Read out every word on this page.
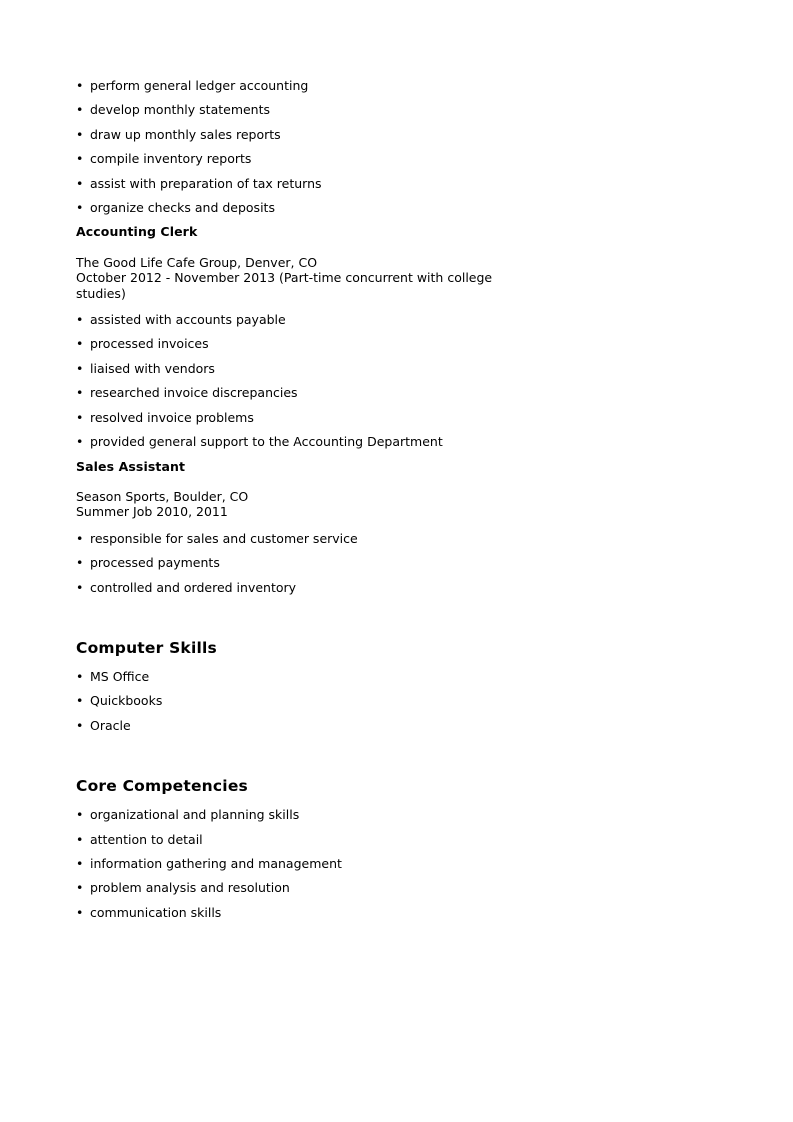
• perform general ledger accounting
• develop monthly statements
• draw up monthly sales reports
• compile inventory reports
• assist with preparation of tax returns
• organize checks and deposits
Accounting Clerk
The Good Life Cafe Group, Denver, CO
October 2012 - November 2013 (Part-time concurrent with college studies)
• assisted with accounts payable
• processed invoices
• liaised with vendors
• researched invoice discrepancies
• resolved invoice problems
• provided general support to the Accounting Department
Sales Assistant
Season Sports, Boulder, CO
Summer Job 2010, 2011
• responsible for sales and customer service
• processed payments
• controlled and ordered inventory
Computer Skills
• MS Office
• Quickbooks
• Oracle
Core Competencies
• organizational and planning skills
• attention to detail
• information gathering and management
• problem analysis and resolution
• communication skills
